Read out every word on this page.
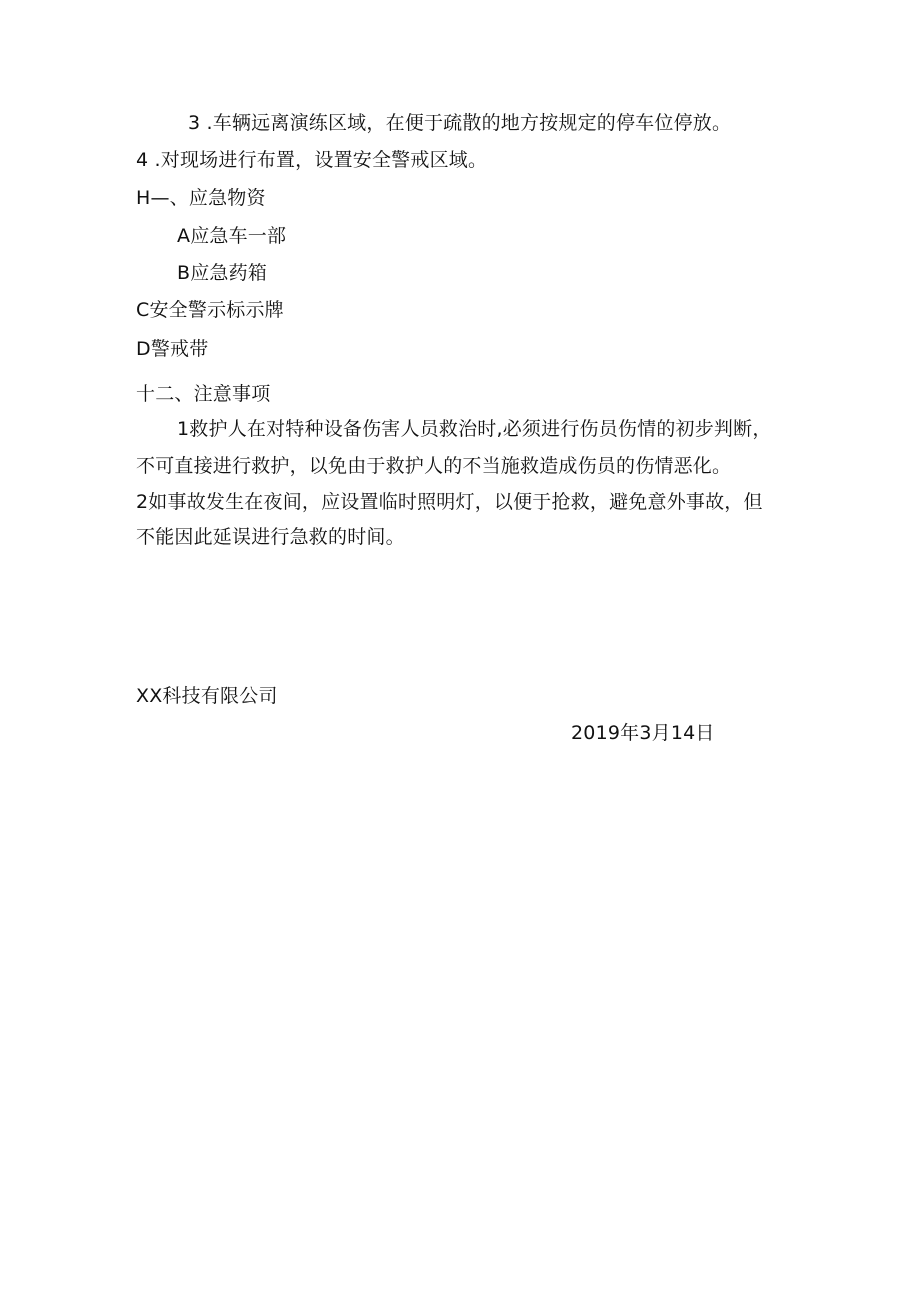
3 .车辆远离演练区域，在便于疏散的地方按规定的停车位停放。
4 .对现场进行布置，设置安全警戒区域。
H—、应急物资
A应急车一部
B应急药箱
C安全警示标示牌
D警戒带
十二、注意事项
1救护人在对特种设备伤害人员救治时,必须进行伤员伤情的初步判断，
不可直接进行救护，以免由于救护人的不当施救造成伤员的伤情恶化。
2如事故发生在夜间，应设置临时照明灯，以便于抢救，避免意外事故，但
不能因此延误进行急救的时间。
XX科技有限公司
2019年3月14日
